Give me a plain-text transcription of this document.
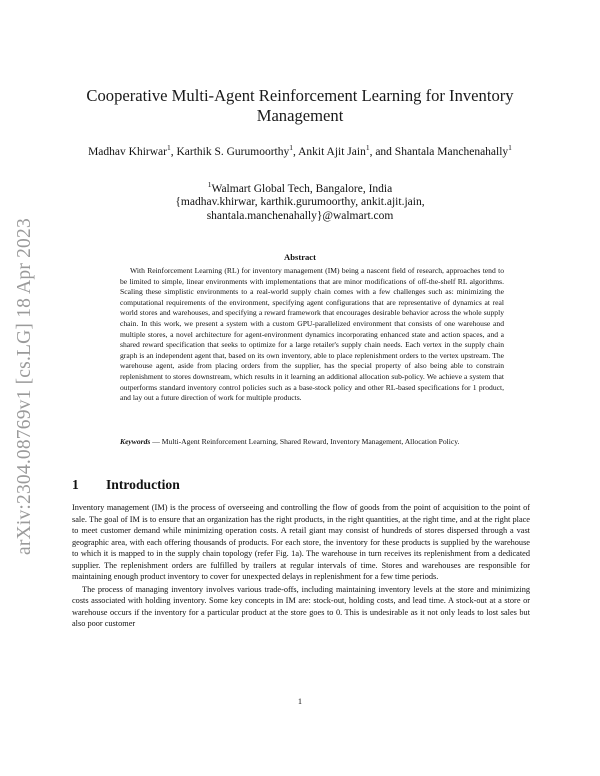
arXiv:2304.08769v1 [cs.LG] 18 Apr 2023
Cooperative Multi-Agent Reinforcement Learning for Inventory Management
Madhav Khirwar$^1$, Karthik S. Gurumoorthy$^1$, Ankit Ajit Jain$^1$, and Shantala Manchenahally$^1$
$^1$Walmart Global Tech, Bangalore, India
{madhav.khirwar, karthik.gurumoorthy, ankit.ajit.jain,
shantala.manchenahally}@walmart.com
Abstract
With Reinforcement Learning (RL) for inventory management (IM) being a nascent field of research, approaches tend to be limited to simple, linear environments with implementations that are minor modifications of off-the-shelf RL algorithms. Scaling these simplistic environments to a real-world supply chain comes with a few challenges such as: minimizing the computational requirements of the environment, specifying agent configurations that are representative of dynamics at real world stores and warehouses, and specifying a reward framework that encourages desirable behavior across the whole supply chain. In this work, we present a system with a custom GPU-parallelized environment that consists of one warehouse and multiple stores, a novel architecture for agent-environment dynamics incorporating enhanced state and action spaces, and a shared reward specification that seeks to optimize for a large retailer's supply chain needs. Each vertex in the supply chain graph is an independent agent that, based on its own inventory, able to place replenishment orders to the vertex upstream. The warehouse agent, aside from placing orders from the supplier, has the special property of also being able to constrain replenishment to stores downstream, which results in it learning an additional allocation sub-policy. We achieve a system that outperforms standard inventory control policies such as a base-stock policy and other RL-based specifications for 1 product, and lay out a future direction of work for multiple products.
Keywords — Multi-Agent Reinforcement Learning, Shared Reward, Inventory Management, Allocation Policy.
1 Introduction

Inventory management (IM) is the process of overseeing and controlling the flow of goods from the point of acquisition to the point of sale. The goal of IM is to ensure that an organization has the right products, in the right quantities, at the right time, and at the right place to meet customer demand while minimizing operation costs. A retail giant may consist of hundreds of stores dispersed through a vast geographic area, with each offering thousands of products. For each store, the inventory for these products is supplied by the warehouse to which it is mapped to in the supply chain topology (refer Fig. 1a). The warehouse in turn receives its replenishment from a dedicated supplier. The replenishment orders are fulfilled by trailers at regular intervals of time. Stores and warehouses are responsible for maintaining enough product inventory to cover for unexpected delays in replenishment for a few time periods.

The process of managing inventory involves various trade-offs, including maintaining inventory levels at the store and minimizing costs associated with holding inventory. Some key concepts in IM are: stock-out, holding costs, and lead time. A stock-out at a store or warehouse occurs if the inventory for a particular product at the store goes to 0. This is undesirable as it not only leads to lost sales but also poor customer

1
